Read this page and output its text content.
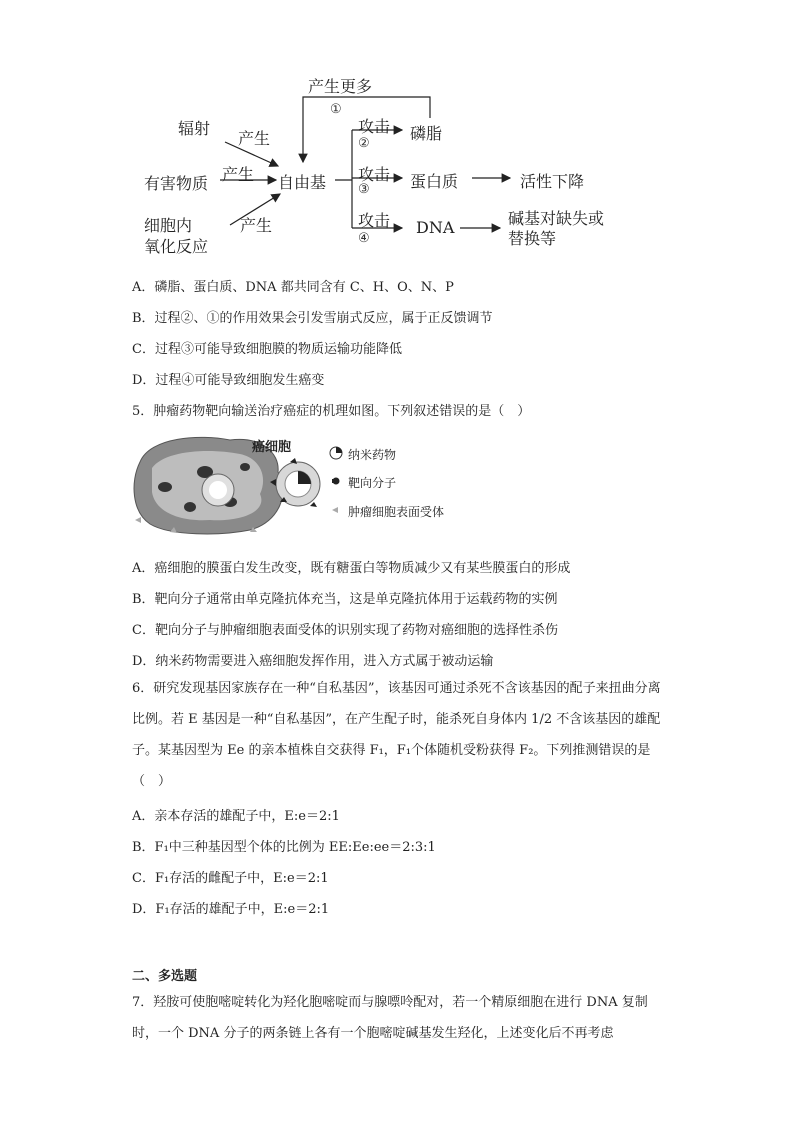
产生更多
①
辐射
产生
产生
有害物质	自由基
细胞内
氧化反应
产生
攻击
②
磷脂
攻击
③	蛋白质	活性下降
攻击
④
DNA	碱基对缺失或
替换等
A．磷脂、蛋白质、DNA 都共同含有 C、H、O、N、P
B．过程②、①的作用效果会引发雪崩式反应，属于正反馈调节
C．过程③可能导致细胞膜的物质运输功能降低
D．过程④可能导致细胞发生癌变
5．肿瘤药物靶向输送治疗癌症的机理如图。下列叙述错误的是（　）
癌细胞	纳米药物
靶向分子
肿瘤细胞表面受体
A．癌细胞的膜蛋白发生改变，既有糖蛋白等物质减少又有某些膜蛋白的形成
B．靶向分子通常由单克隆抗体充当，这是单克隆抗体用于运载药物的实例
C．靶向分子与肿瘤细胞表面受体的识别实现了药物对癌细胞的选择性杀伤
D．纳米药物需要进入癌细胞发挥作用，进入方式属于被动运输
6．研究发现基因家族存在一种“自私基因”，该基因可通过杀死不含该基因的配子来扭曲分离比例。若 E 基因是一种“自私基因”，在产生配子时，能杀死自身体内 1/2 不含该基因的雄配子。某基因型为 Ee 的亲本植株自交获得 F₁，F₁个体随机受粉获得 F₂。下列推测错误的是（　）
A．亲本存活的雄配子中，E:e＝2:1
B．F₁中三种基因型个体的比例为 EE:Ee:ee＝2:3:1
C．F₁存活的雌配子中，E:e＝2:1
D．F₁存活的雄配子中，E:e＝2:1
二、多选题
7．羟胺可使胞嘧啶转化为羟化胞嘧啶而与腺嘌呤配对，若一个精原细胞在进行 DNA 复制时，一个 DNA 分子的两条链上各有一个胞嘧啶碱基发生羟化，上述变化后不再考虑
